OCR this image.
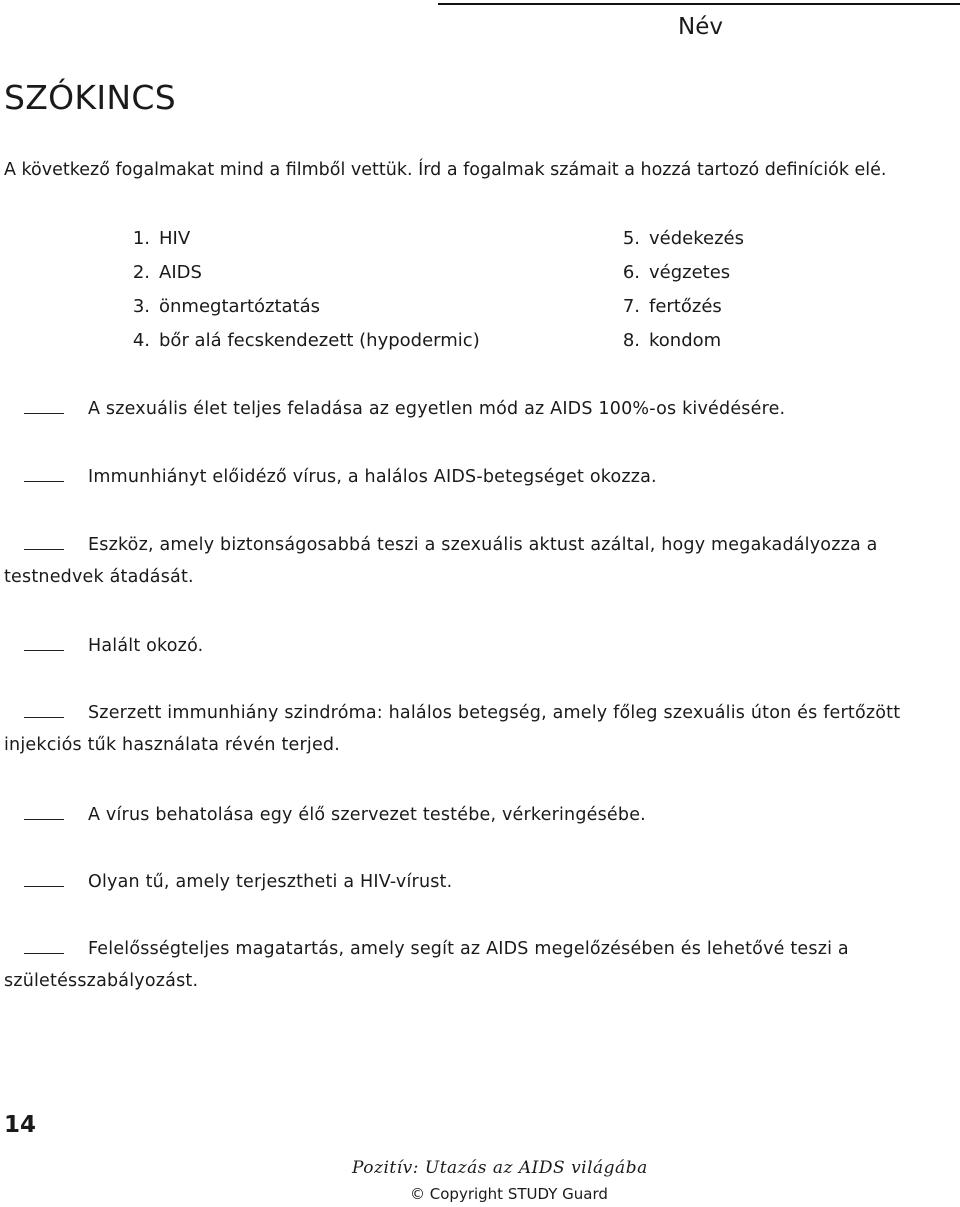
Név
SZÓKINCS
A következő fogalmakat mind a filmből vettük. Írd a fogalmak számait a hozzá tartozó definíciók elé.
1. HIV
2. AIDS
3. önmegtartóztatás
4. bőr alá fecskendezett (hypodermic)
5. védekezés
6. végzetes
7. fertőzés
8. kondom
A szexuális élet teljes feladása az egyetlen mód az AIDS 100%-os kivédésére.
Immunhiányt előidéző vírus, a halálos AIDS-betegséget okozza.
Eszköz, amely biztonságosabbá teszi a szexuális aktust azáltal, hogy megakadályozza a testnedvek átadását.
Halált okozó.
Szerzett immunhiány szindróma: halálos betegség, amely főleg szexuális úton és fertőzött injekciós tűk használata révén terjed.
A vírus behatolása egy élő szervezet testébe, vérkeringésébe.
Olyan tű, amely terjesztheti a HIV-vírust.
Felelősségteljes magatartás, amely segít az AIDS megelőzésében és lehetővé teszi a születésszabályozást.
14
Pozitív: Utazás az AIDS világába
© Copyright STUDY Guard
